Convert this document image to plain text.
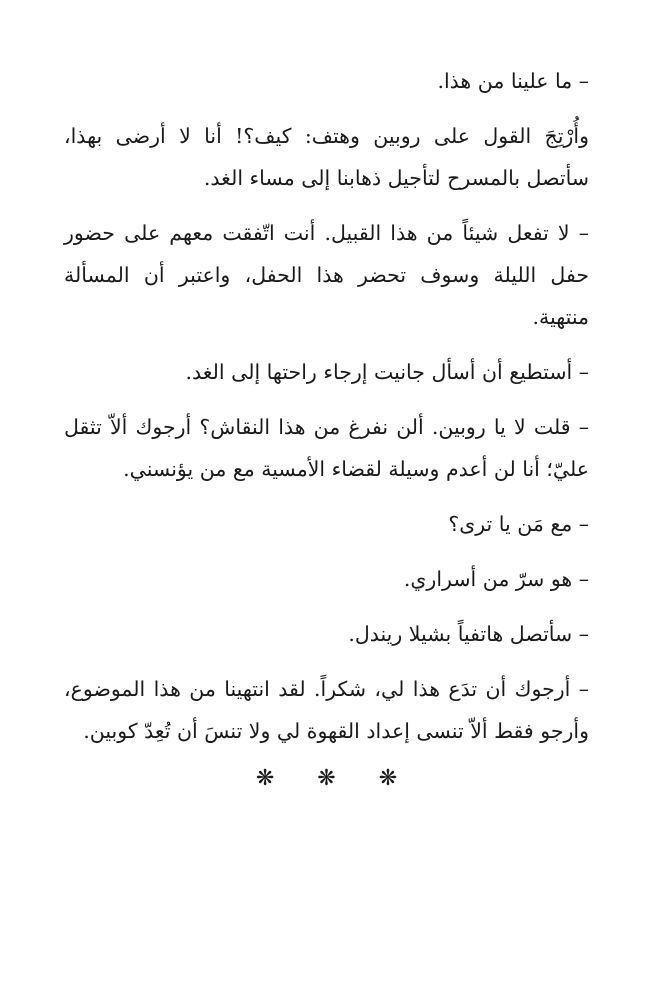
– ما علينا من هذا.

وأُرْتِجَ القول على روبين وهتف: كيف؟! أنا لا أرضى بهذا، سأتصل بالمسرح لتأجيل ذهابنا إلى مساء الغد.

– لا تفعل شيئاً من هذا القبيل. أنت اتّفقت معهم على حضور حفل الليلة وسوف تحضر هذا الحفل، واعتبر أن المسألة منتهية.

– أستطيع أن أسأل جانيت إرجاء راحتها إلى الغد.

– قلت لا يا روبين. ألن نفرغ من هذا النقاش؟ أرجوك ألاّ تثقل عليّ؛ أنا لن أعدم وسيلة لقضاء الأمسية مع من يؤنسني.

– مع مَن يا ترى؟

– هو سرّ من أسراري.

– سأتصل هاتفياً بشيلا ريندل.

– أرجوك أن تدَع هذا لي، شكراً. لقد انتهينا من هذا الموضوع، وأرجو فقط ألاّ تنسى إعداد القهوة لي ولا تنسَ أن تُعِدّ كوبين.

❋ ❋ ❋
